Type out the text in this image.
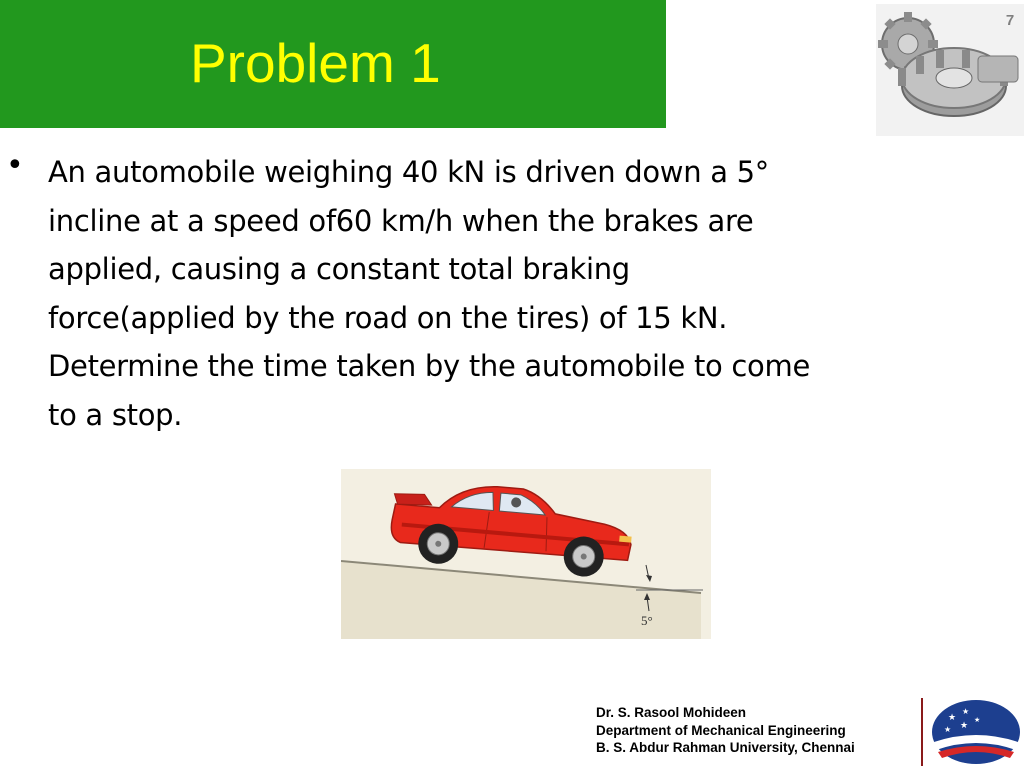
Problem 1
7
• An automobile weighing 40 kN is driven down a 5°
incline at a speed of60 km/h when the brakes are
applied, causing a constant total braking
force(applied by the road on the tires) of 15 kN.
Determine the time taken by the automobile to come
to a stop.
5°
Dr. S. Rasool Mohideen
Department of Mechanical Engineering
B. S. Abdur Rahman University, Chennai
★
★
★ ★
★
